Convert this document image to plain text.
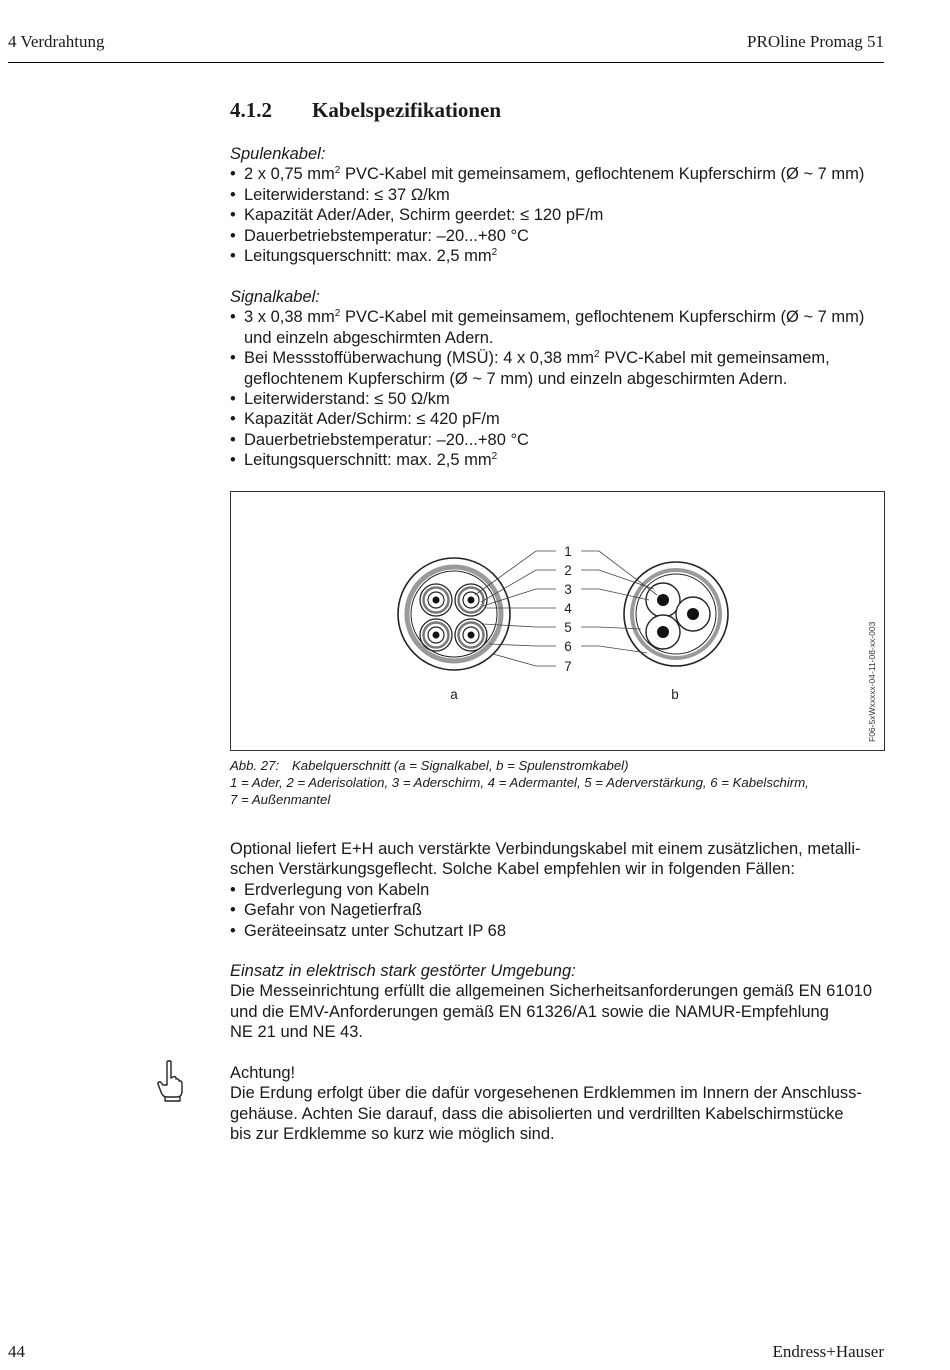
4 Verdrahtung	PROline Promag 51
4.1.2 Kabelspezifikationen

Spulenkabel:

• 2 x 0,75 $mm^2$ PVC-Kabel mit gemeinsamem, geflochtenem Kupferschirm (Ø ~ 7 mm)
• Leiterwiderstand: ≤ 37 Ω/km
• Kapazität Ader/Ader, Schirm geerdet: ≤ 120 pF/m
• Dauerbetriebstemperatur: –20...+80 °C
• Leitungsquerschnitt: max. 2,5 $mm^2$

Signalkabel:

• 3 x 0,38 $mm^2$ PVC-Kabel mit gemeinsamem, geflochtenem Kupferschirm (Ø ~ 7 mm)
und einzeln abgeschirmten Adern.
• Bei Messstoffüberwachung (MSÜ): 4 x 0,38 $mm^2$ PVC-Kabel mit gemeinsamem,
geflochtenem Kupferschirm (Ø ~ 7 mm) und einzeln abgeschirmten Adern.
• Leiterwiderstand: ≤ 50 Ω/km
• Kapazität Ader/Schirm: ≤ 420 pF/m
• Dauerbetriebstemperatur: –20...+80 °C
• Leitungsquerschnitt: max. 2,5 $mm^2$
1
2
3
4
5
6
7
a	b	F06-5xWxxxxx-04-11-08-xx-003
Abb. 27: Kabelquerschnitt (a = Signalkabel, b = Spulenstromkabel)
1 = Ader, 2 = Aderisolation, 3 = Aderschirm, 4 = Adermantel, 5 = Aderverstärkung, 6 = Kabelschirm,
7 = Außenmantel

Optional liefert E+H auch verstärkte Verbindungskabel mit einem zusätzlichen, metalli-

schen Verstärkungsgeflecht. Solche Kabel empfehlen wir in folgenden Fällen:

• Erdverlegung von Kabeln
• Gefahr von Nagetierfraß
• Geräteeinsatz unter Schutzart IP 68

Einsatz in elektrisch stark gestörter Umgebung:

Die Messeinrichtung erfüllt die allgemeinen Sicherheitsanforderungen gemäß EN 61010

und die EMV-Anforderungen gemäß EN 61326/A1 sowie die NAMUR-Empfehlung

NE 21 und NE 43.

Achtung!

Die Erdung erfolgt über die dafür vorgesehenen Erdklemmen im Innern der Anschluss-

gehäuse. Achten Sie darauf, dass die abisolierten und verdrillten Kabelschirmstücke

bis zur Erdklemme so kurz wie möglich sind.

44	Endress+Hauser
